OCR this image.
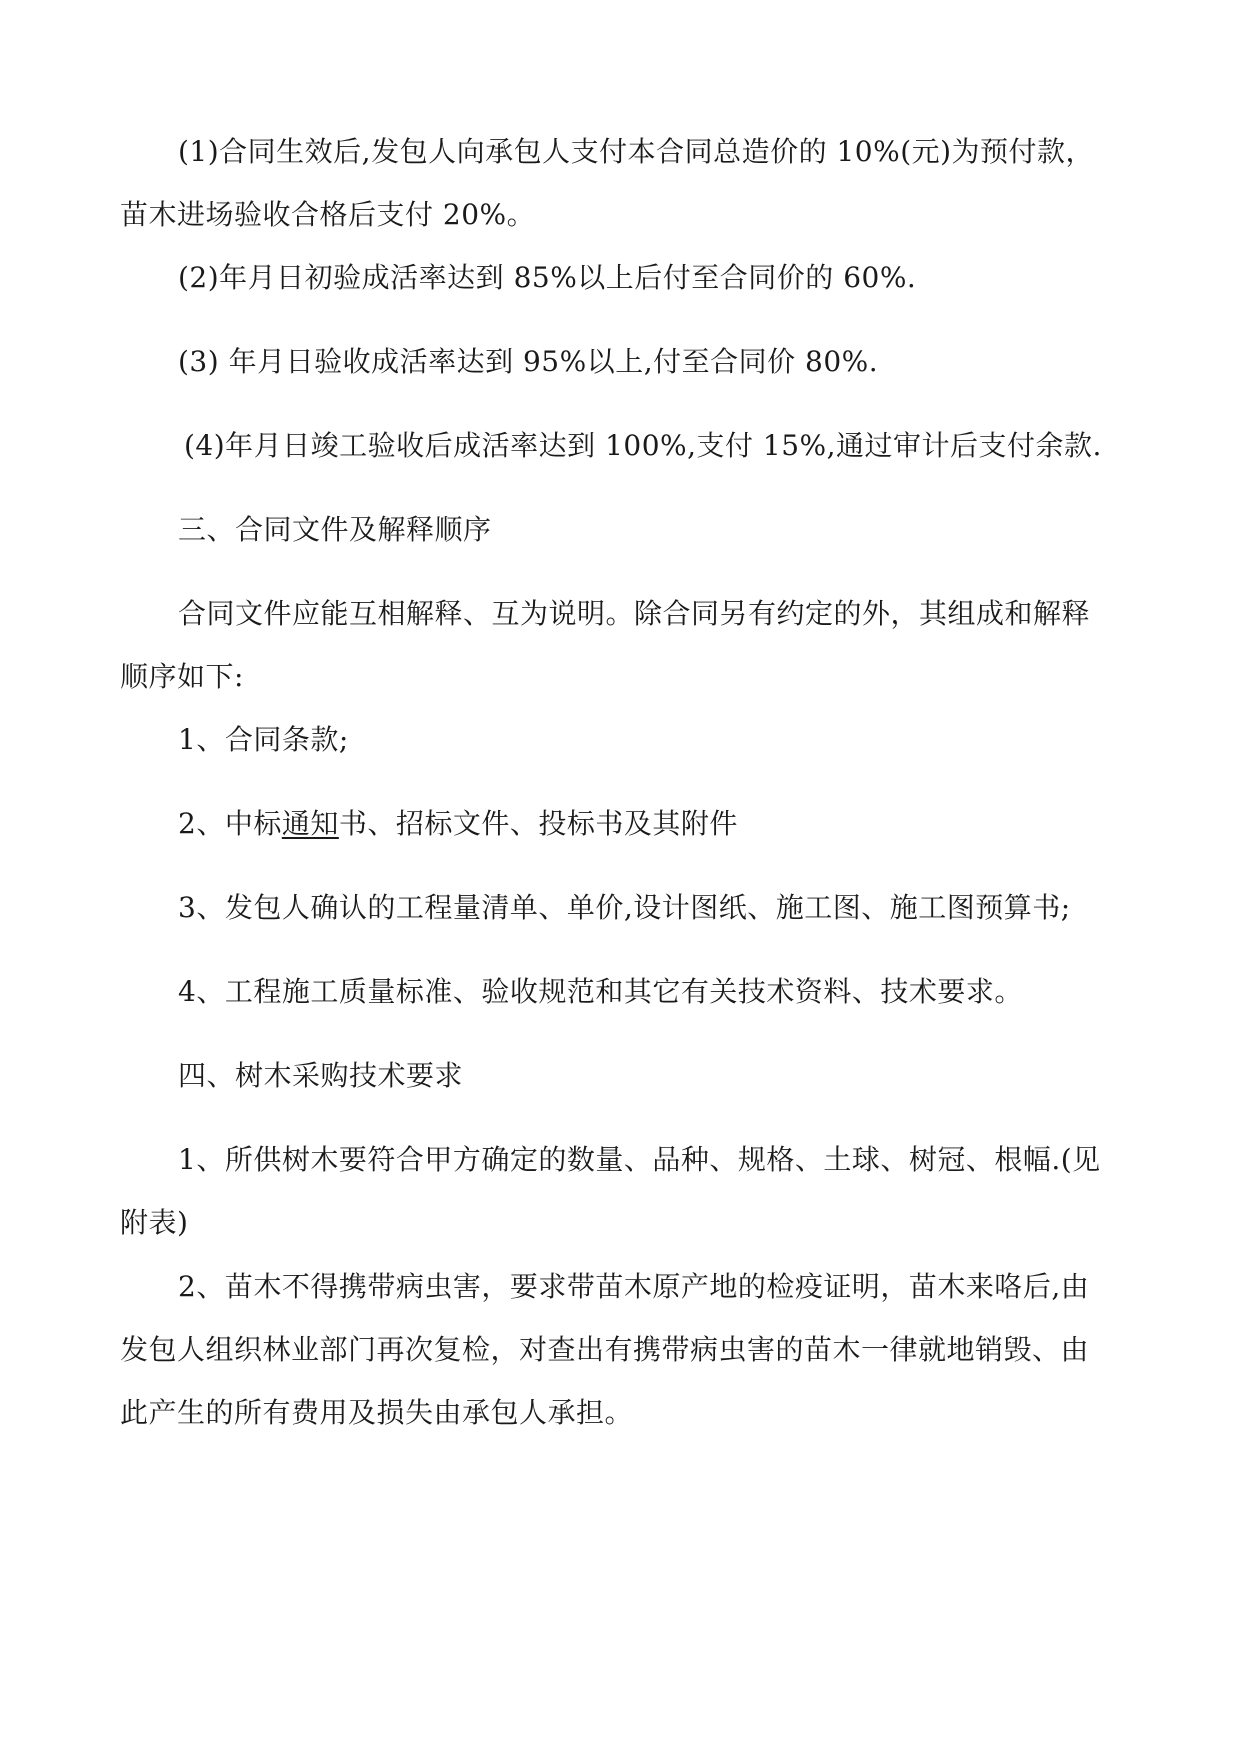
(1)合同生效后,发包人向承包人支付本合同总造价的 10%(元)为预付款，
苗木进场验收合格后支付 20%。

(2)年月日初验成活率达到 85%以上后付至合同价的 60%.

(3) 年月日验收成活率达到 95%以上,付至合同价 80%.

(4)年月日竣工验收后成活率达到 100%,支付 15%,通过审计后支付余款.

三、合同文件及解释顺序

合同文件应能互相解释、互为说明。除合同另有约定的外，其组成和解释
顺序如下:

1、合同条款;

2、中标通知书、招标文件、投标书及其附件

3、发包人确认的工程量清单、单价,设计图纸、施工图、施工图预算书;

4、工程施工质量标准、验收规范和其它有关技术资料、技术要求。

四、树木采购技术要求

1、所供树木要符合甲方确定的数量、品种、规格、土球、树冠、根幅.(见
附表)

2、苗木不得携带病虫害，要求带苗木原产地的检疫证明，苗木来咯后,由
发包人组织林业部门再次复检，对查出有携带病虫害的苗木一律就地销毁、由
此产生的所有费用及损失由承包人承担。
